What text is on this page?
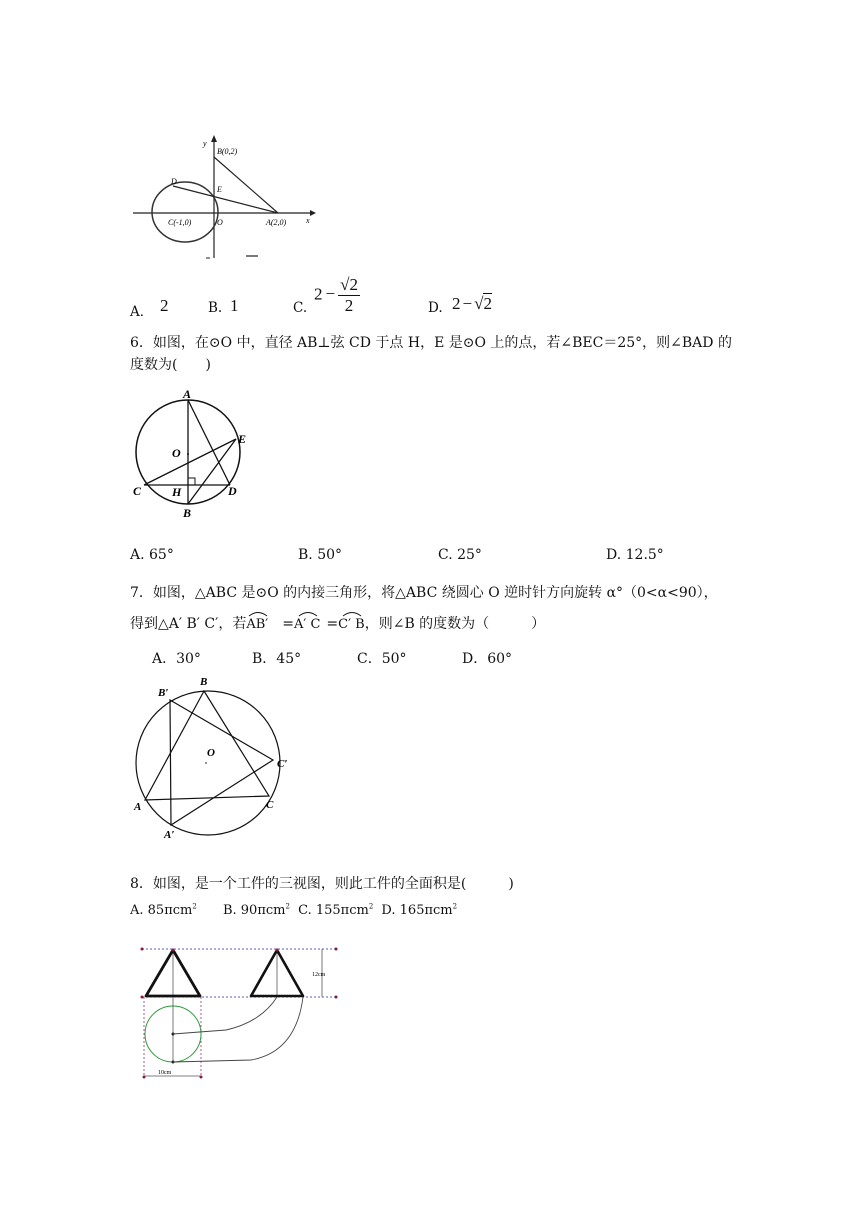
y
x
B(0,2)
D
E
C(-1,0)	O	A(2,0)
A． 2	B. 1	C.
$2 - \frac{√2}{2}$	D. 2 − √2
6．如图，在⊙O 中，直径 AB⊥弦 CD 于点 H，E 是⊙O 上的点，若∠BEC＝25°，则∠BAD 的
度数为(　　)
A
O
E
C	H	D
B
A. 65°	B. 50°	C. 25°	D. 12.5°
7．如图，△ABC 是⊙O 的内接三角形，将△ABC 绕圆心 O 逆时针方向旋转 α°（0<α<90），
得到△A′ B′ C′，若
AB′ =
A′ C =
C′ B，则∠B 的度数为（　　　）
A．30°	B．45°	C．50°	D．60°
B
B′
O
C′
A	C
A′
8．如图，是一个工件的三视图，则此工件的全面积是(　　　)
A. 85πcm$^2$ B. 90πcm$^2$ C. 155πcm$^2$ D. 165πcm$^2$
12cm
10cm
